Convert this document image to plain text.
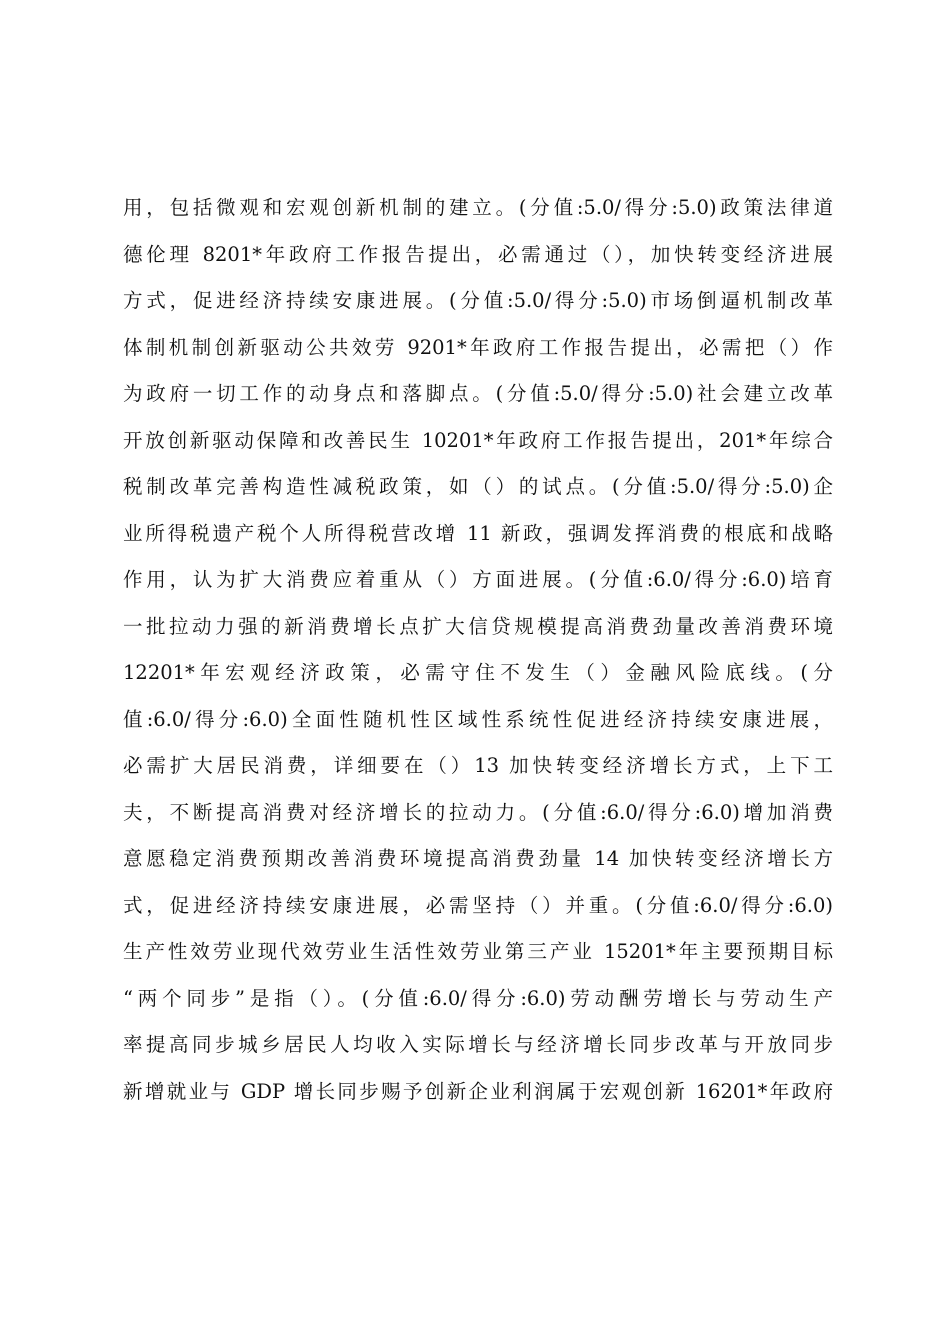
用，包括微观和宏观创新机制的建立。(分值:5.0/得分:5.0)政策法律道
德伦理 8201*年政府工作报告提出，必需通过（），加快转变经济进展
方式，促进经济持续安康进展。(分值:5.0/得分:5.0)市场倒逼机制改革
体制机制创新驱动公共效劳 9201*年政府工作报告提出，必需把（）作
为政府一切工作的动身点和落脚点。(分值:5.0/得分:5.0)社会建立改革
开放创新驱动保障和改善民生 10201*年政府工作报告提出，201*年综合
税制改革完善构造性减税政策，如（）的试点。(分值:5.0/得分:5.0)企
业所得税遗产税个人所得税营改增 11 新政，强调发挥消费的根底和战略
作用，认为扩大消费应着重从（）方面进展。(分值:6.0/得分:6.0)培育
一批拉动力强的新消费增长点扩大信贷规模提高消费劲量改善消费环境
12201*年宏观经济政策，必需守住不发生（）金融风险底线。(分
值:6.0/得分:6.0)全面性随机性区域性系统性促进经济持续安康进展，
必需扩大居民消费，详细要在（）13 加快转变经济增长方式，上下工
夫，不断提高消费对经济增长的拉动力。(分值:6.0/得分:6.0)增加消费
意愿稳定消费预期改善消费环境提高消费劲量 14 加快转变经济增长方
式，促进经济持续安康进展，必需坚持（）并重。(分值:6.0/得分:6.0)
生产性效劳业现代效劳业生活性效劳业第三产业 15201*年主要预期目标
“两个同步”是指（）。(分值:6.0/得分:6.0)劳动酬劳增长与劳动生产
率提高同步城乡居民人均收入实际增长与经济增长同步改革与开放同步
新增就业与 GDP 增长同步赐予创新企业利润属于宏观创新 16201*年政府
